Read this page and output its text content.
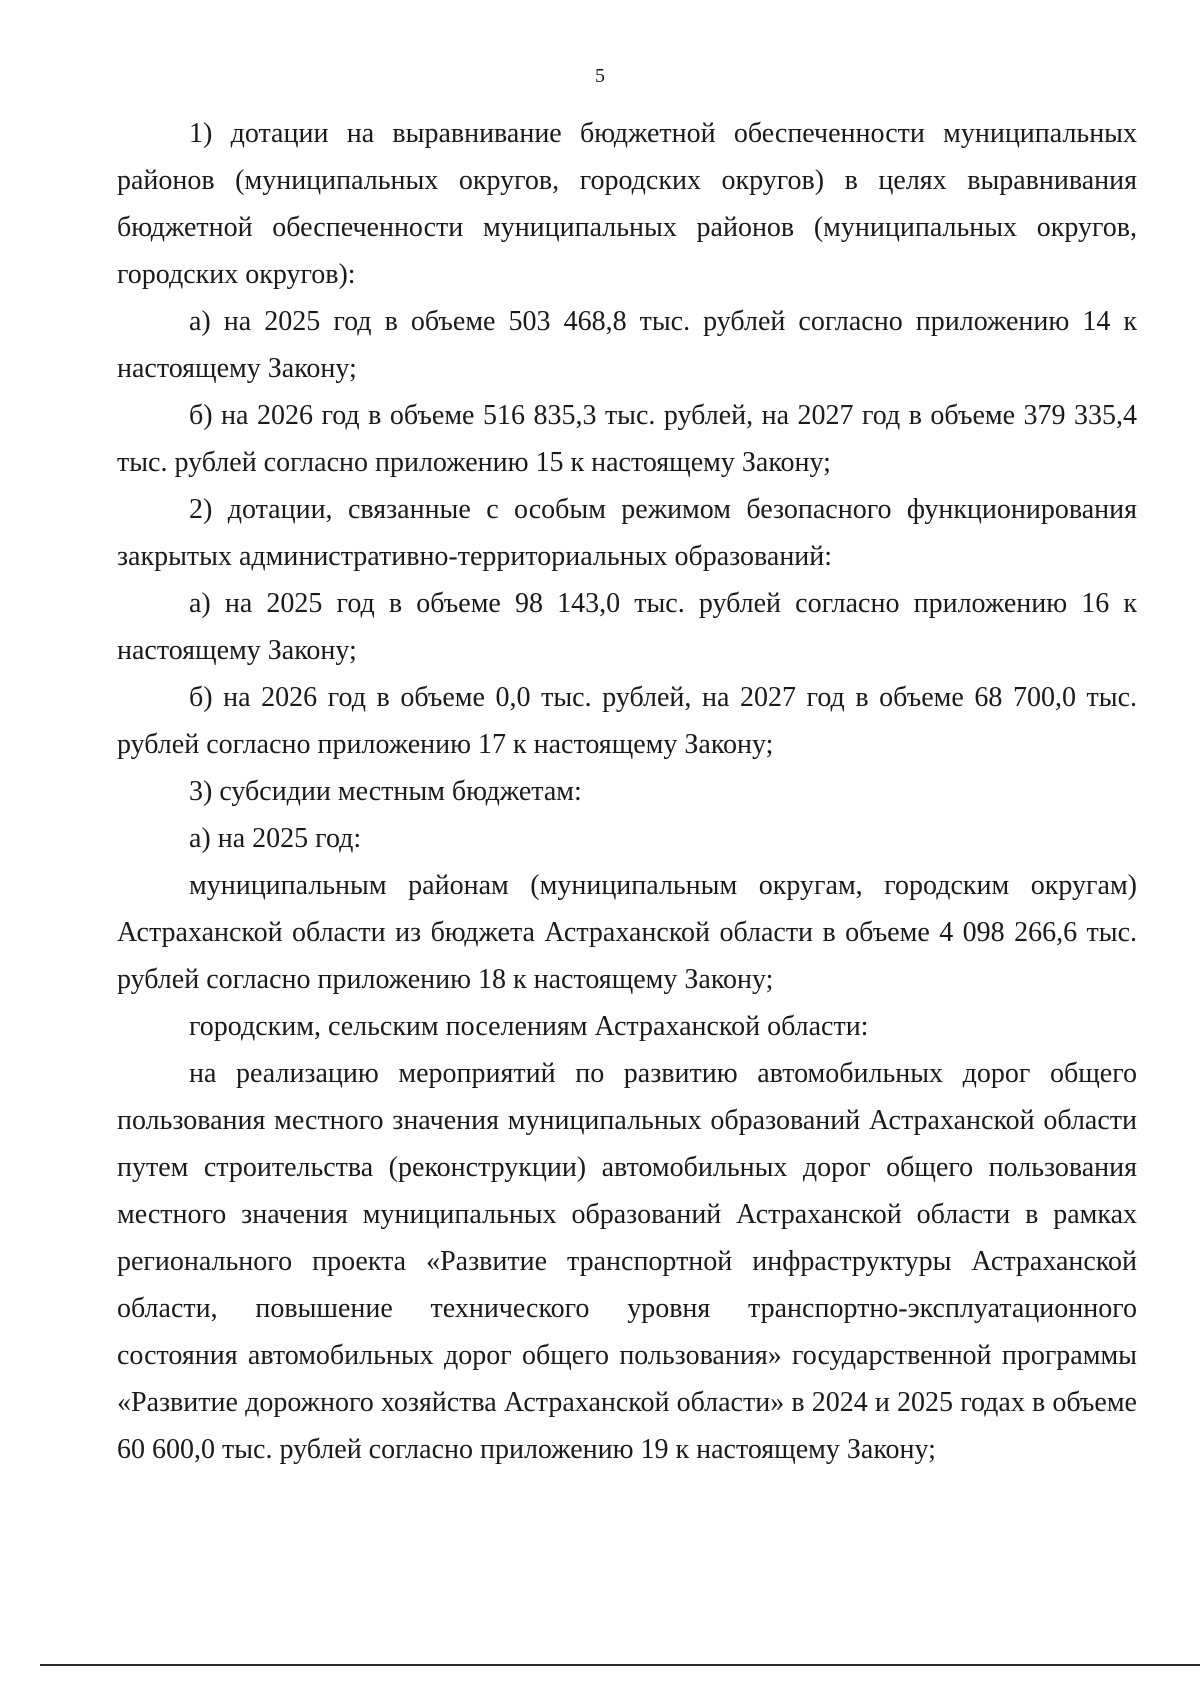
5

1) дотации на выравнивание бюджетной обеспеченности муниципальных районов (муниципальных округов, городских округов) в целях выравнивания бюджетной обеспеченности муниципальных районов (муниципальных округов, городских округов):

а) на 2025 год в объеме 503 468,8 тыс. рублей согласно приложению 14 к настоящему Закону;

б) на 2026 год в объеме 516 835,3 тыс. рублей, на 2027 год в объеме 379 335,4 тыс. рублей согласно приложению 15 к настоящему Закону;

2) дотации, связанные с особым режимом безопасного функционирования закрытых административно-территориальных образований:

а) на 2025 год в объеме 98 143,0 тыс. рублей согласно приложению 16 к настоящему Закону;

б) на 2026 год в объеме 0,0 тыс. рублей, на 2027 год в объеме 68 700,0 тыс. рублей согласно приложению 17 к настоящему Закону;

3) субсидии местным бюджетам:

а) на 2025 год:

муниципальным районам (муниципальным округам, городским округам) Астраханской области из бюджета Астраханской области в объеме 4 098 266,6 тыс. рублей согласно приложению 18 к настоящему Закону;

городским, сельским поселениям Астраханской области:

на реализацию мероприятий по развитию автомобильных дорог общего пользования местного значения муниципальных образований Астраханской области путем строительства (реконструкции) автомобильных дорог общего пользования местного значения муниципальных образований Астраханской области в рамках регионального проекта «Развитие транспортной инфраструктуры Астраханской области, повышение технического уровня транспортно-эксплуатационного состояния автомобильных дорог общего пользования» государственной программы «Развитие дорожного хозяйства Астраханской области» в 2024 и 2025 годах в объеме 60 600,0 тыс. рублей согласно приложению 19 к настоящему Закону;
